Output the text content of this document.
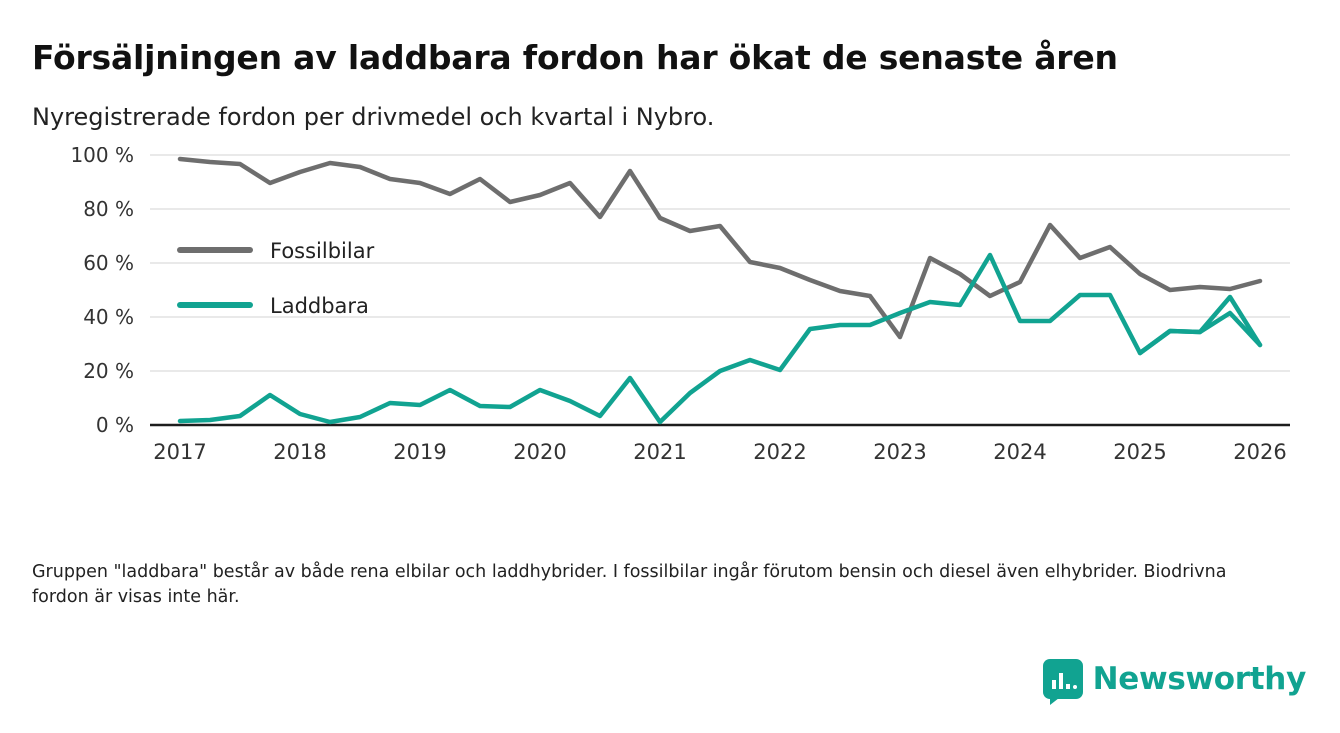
Försäljningen av laddbara fordon har ökat de senaste åren
Nyregistrerade fordon per drivmedel och kvartal i Nybro.
100 %
80 %
60 %
40 %
20 %
0 %
Fossilbilar
Laddbara
2017	2018	2019	2020	2021	2022	2023	2024	2025	2026
Gruppen "laddbara" består av både rena elbilar och laddhybrider. I fossilbilar ingår förutom bensin och diesel även elhybrider. Biodrivna fordon är visas inte här.
Newsworthy
